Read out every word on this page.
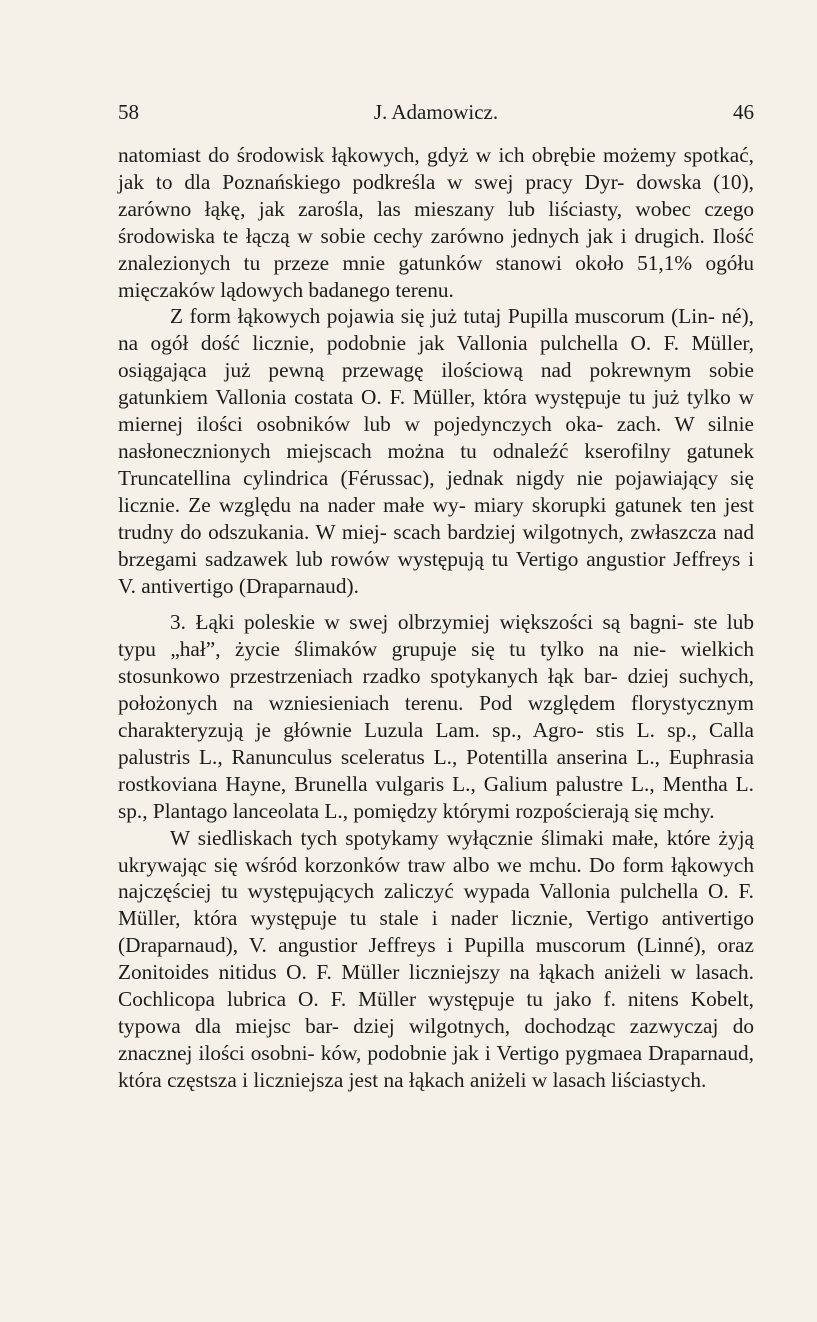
58	J. Adamowicz.	46

natomiast do środowisk łąkowych, gdyż w ich obrębie możemy spotkać, jak to dla Poznańskiego podkreśla w swej pracy Dyr- dowska (10), zarówno łąkę, jak zarośla, las mieszany lub liściasty, wobec czego środowiska te łączą w sobie cechy zarówno jednych jak i drugich. Ilość znalezionych tu przeze mnie gatunków stanowi około 51,1% ogółu mięczaków lądowych badanego terenu.

Z form łąkowych pojawia się już tutaj Pupilla muscorum (Lin- né), na ogół dość licznie, podobnie jak Vallonia pulchella O. F. Müller, osiągająca już pewną przewagę ilościową nad pokrewnym sobie gatunkiem Vallonia costata O. F. Müller, która występuje tu już tylko w miernej ilości osobników lub w pojedynczych oka- zach. W silnie nasłonecznionych miejscach można tu odnaleźć kserofilny gatunek Truncatellina cylindrica (Férussac), jednak nigdy nie pojawiający się licznie. Ze względu na nader małe wy- miary skorupki gatunek ten jest trudny do odszukania. W miej- scach bardziej wilgotnych, zwłaszcza nad brzegami sadzawek lub rowów występują tu Vertigo angustior Jeffreys i V. antivertigo (Draparnaud).

3. Łąki poleskie w swej olbrzymiej większości są bagni- ste lub typu „hał”, życie ślimaków grupuje się tu tylko na nie- wielkich stosunkowo przestrzeniach rzadko spotykanych łąk bar- dziej suchych, położonych na wzniesieniach terenu. Pod względem florystycznym charakteryzują je głównie Luzula Lam. sp., Agro- stis L. sp., Calla palustris L., Ranunculus sceleratus L., Potentilla anserina L., Euphrasia rostkoviana Hayne, Brunella vulgaris L., Galium palustre L., Mentha L. sp., Plantago lanceolata L., pomiędzy którymi rozpościerają się mchy.

W siedliskach tych spotykamy wyłącznie ślimaki małe, które żyją ukrywając się wśród korzonków traw albo we mchu. Do form łąkowych najczęściej tu występujących zaliczyć wypada Vallonia pulchella O. F. Müller, która występuje tu stale i nader licznie, Vertigo antivertigo (Draparnaud), V. angustior Jeffreys i Pupilla muscorum (Linné), oraz Zonitoides nitidus O. F. Müller liczniejszy na łąkach aniżeli w lasach. Cochlicopa lubrica O. F. Müller występuje tu jako f. nitens Kobelt, typowa dla miejsc bar- dziej wilgotnych, dochodząc zazwyczaj do znacznej ilości osobni- ków, podobnie jak i Vertigo pygmaea Draparnaud, która częstsza i liczniejsza jest na łąkach aniżeli w lasach liściastych.
